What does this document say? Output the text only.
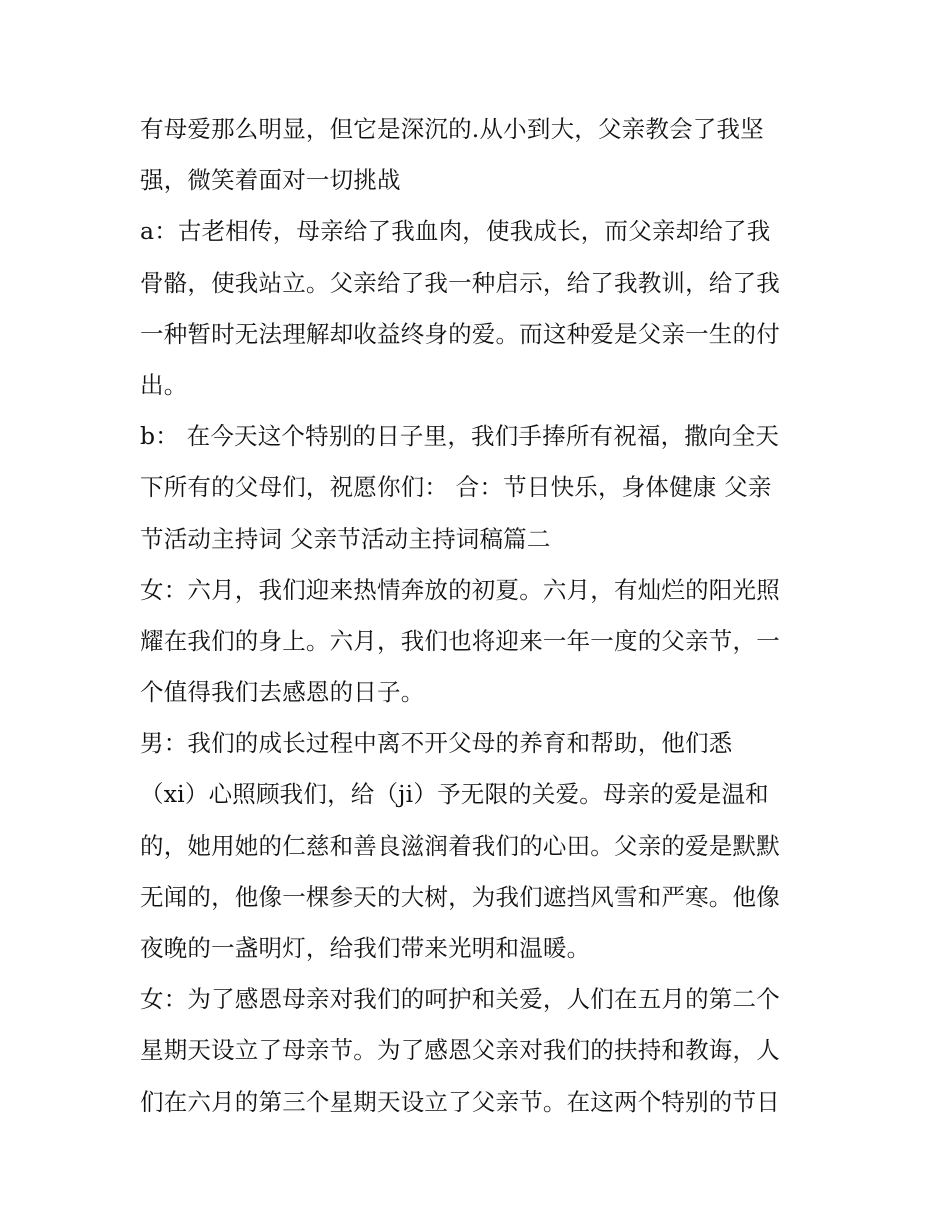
有母爱那么明显，但它是深沉的.从小到大，父亲教会了我坚
强，微笑着面对一切挑战
a：古老相传，母亲给了我血肉，使我成长，而父亲却给了我
骨骼，使我站立。父亲给了我一种启示，给了我教训，给了我
一种暂时无法理解却收益终身的爱。而这种爱是父亲一生的付
出。
b： 在今天这个特别的日子里，我们手捧所有祝福，撒向全天
下所有的父母们，祝愿你们： 合：节日快乐，身体健康 父亲
节活动主持词 父亲节活动主持词稿篇二
女：六月，我们迎来热情奔放的初夏。六月，有灿烂的阳光照
耀在我们的身上。六月，我们也将迎来一年一度的父亲节，一
个值得我们去感恩的日子。
男：我们的成长过程中离不开父母的养育和帮助，他们悉
（xi）心照顾我们，给（ji）予无限的关爱。母亲的爱是温和
的，她用她的仁慈和善良滋润着我们的心田。父亲的爱是默默
无闻的，他像一棵参天的大树，为我们遮挡风雪和严寒。他像
夜晚的一盏明灯，给我们带来光明和温暖。
女：为了感恩母亲对我们的呵护和关爱，人们在五月的第二个
星期天设立了母亲节。为了感恩父亲对我们的扶持和教诲，人
们在六月的第三个星期天设立了父亲节。在这两个特别的节日
